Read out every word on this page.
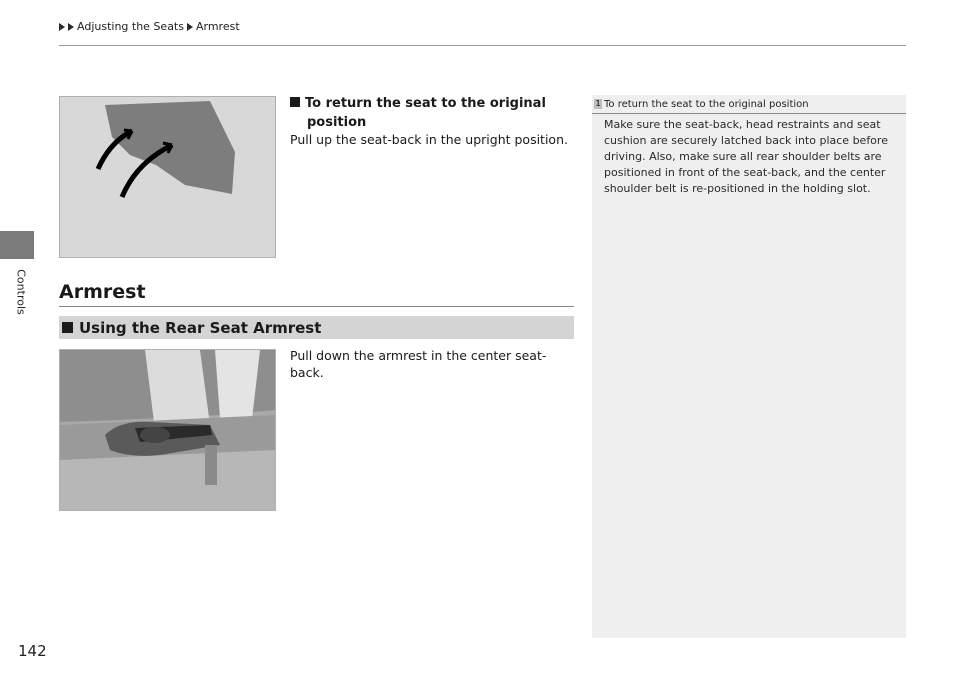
Adjusting the Seats Armrest
Controls
To return the seat to the original
position
Pull up the seat-back in the upright position.
Armrest
Using the Rear Seat Armrest
Pull down the armrest in the center seat-back.
1 To return the seat to the original position
Make sure the seat-back, head restraints and seat cushion are securely latched back into place before driving. Also, make sure all rear shoulder belts are positioned in front of the seat-back, and the center shoulder belt is re-positioned in the holding slot.
142
